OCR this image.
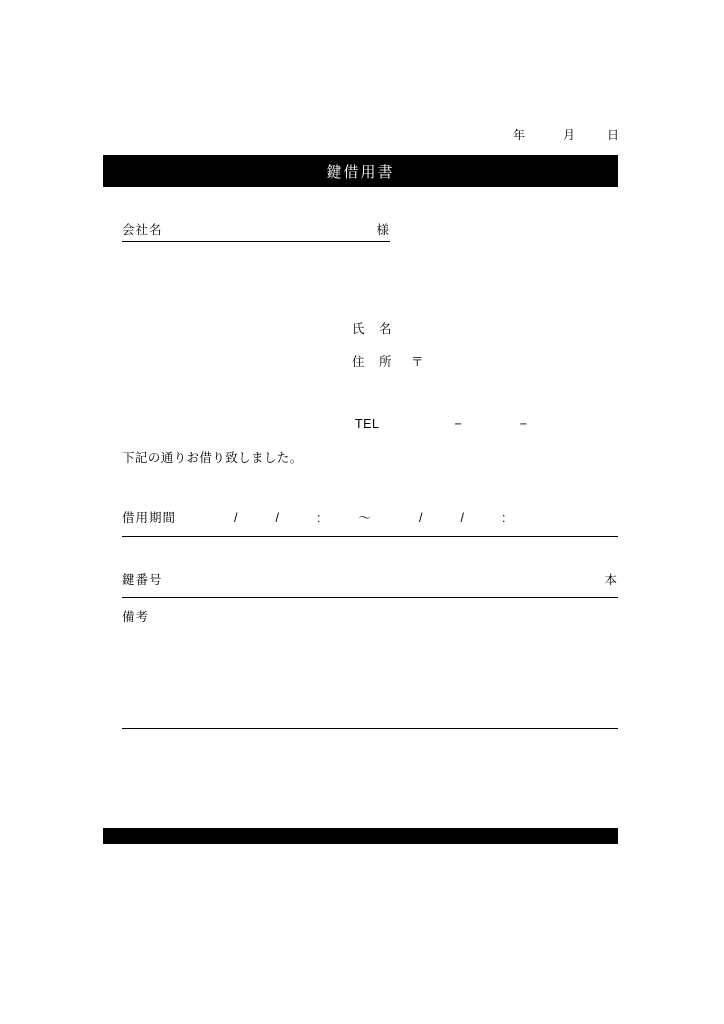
年	月	日
鍵借用書
会社名	様
氏　名
住　所 〒
TEL	−	−
下記の通りお借り致しました。
借用期間	/	/	:	〜	/	/	:
鍵番号	本
備考
